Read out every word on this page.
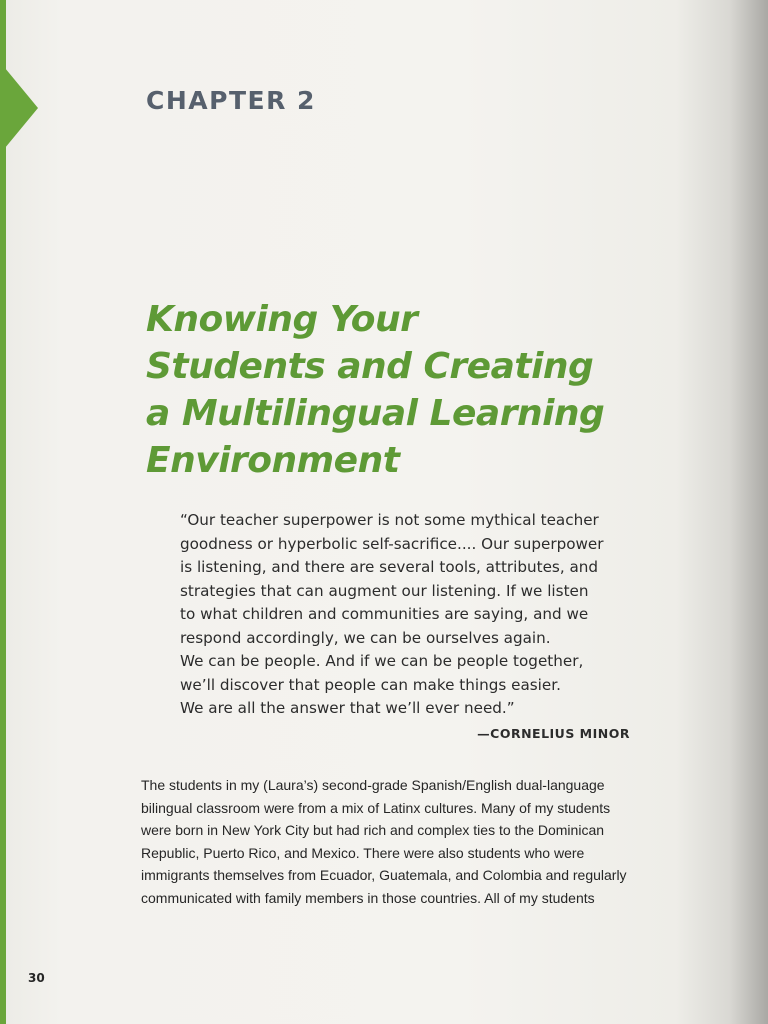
CHAPTER 2
Knowing Your
Students and Creating
a Multilingual Learning
Environment
“Our teacher superpower is not some mythical teacher
goodness or hyperbolic self-sacrifice.... Our superpower
is listening, and there are several tools, attributes, and
strategies that can augment our listening. If we listen
to what children and communities are saying, and we
respond accordingly, we can be ourselves again.
We can be people. And if we can be people together,
we’ll discover that people can make things easier.
We are all the answer that we’ll ever need.”
—CORNELIUS MINOR
The students in my (Laura’s) second-grade Spanish/English dual-language
bilingual classroom were from a mix of Latinx cultures. Many of my students
were born in New York City but had rich and complex ties to the Dominican
Republic, Puerto Rico, and Mexico. There were also students who were
immigrants themselves from Ecuador, Guatemala, and Colombia and regularly
communicated with family members in those countries. All of my students
30
